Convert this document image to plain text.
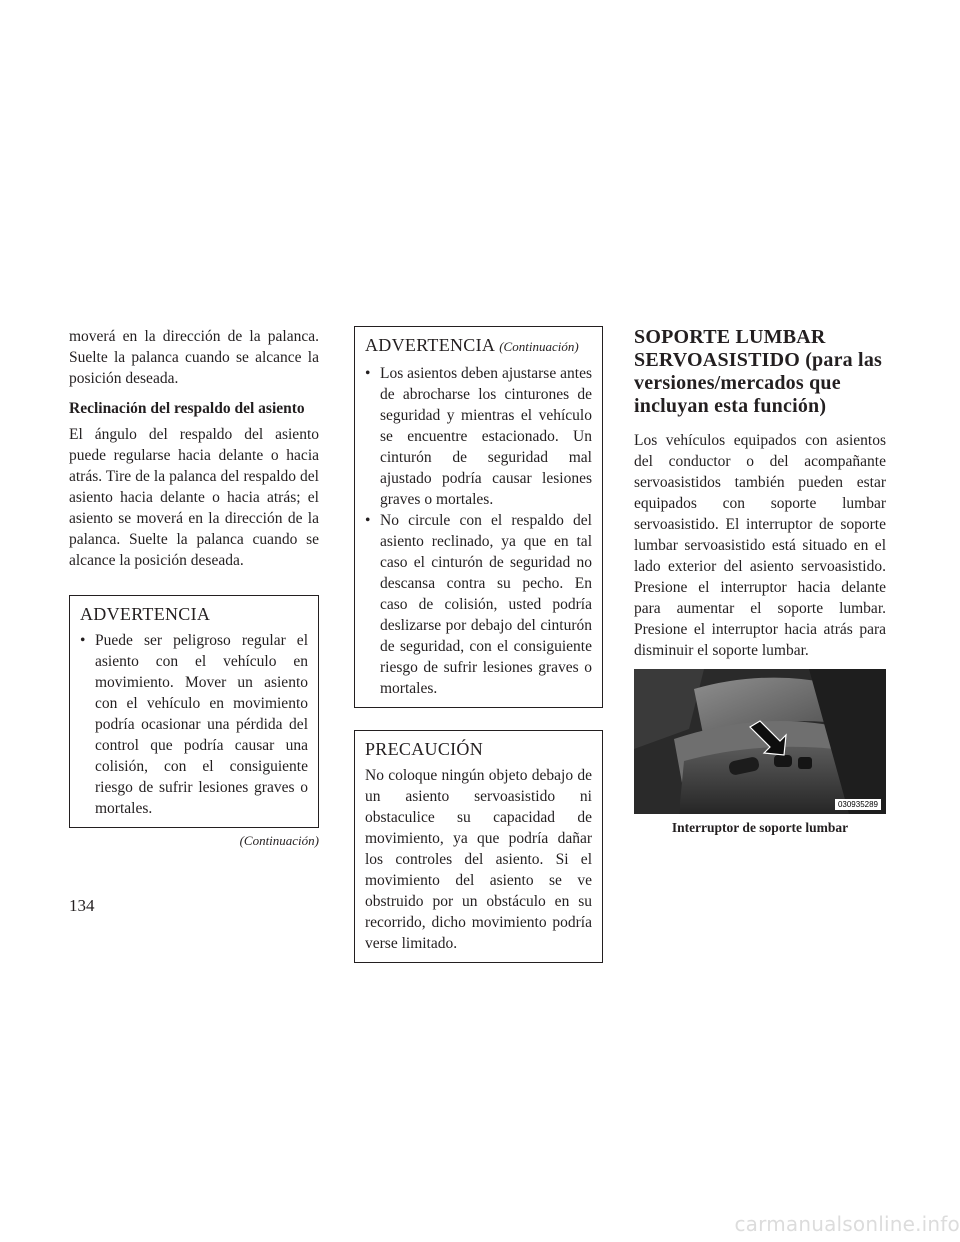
moverá en la dirección de la palanca. Suelte la palanca cuando se alcance la posición deseada.

Reclinación del respaldo del asiento

El ángulo del respaldo del asiento puede regularse hacia delante o hacia atrás. Tire de la palanca del respaldo del asiento hacia delante o hacia atrás; el asiento se moverá en la dirección de la palanca. Suelte la palanca cuando se alcance la posición deseada.

ADVERTENCIA
• Puede ser peligroso regular el asiento con el vehículo en movimiento. Mover un asiento con el vehículo en movimiento podría ocasionar una pérdida del control que podría causar una colisión, con el consiguiente riesgo de sufrir lesiones graves o mortales.
(Continuación)
ADVERTENCIA (Continuación)
• Los asientos deben ajustarse antes de abrocharse los cinturones de seguridad y mientras el vehículo se encuentre estacionado. Un cinturón de seguridad mal ajustado podría causar lesiones graves o mortales.
• No circule con el respaldo del asiento reclinado, ya que en tal caso el cinturón de seguridad no descansa contra su pecho. En caso de colisión, usted podría deslizarse por debajo del cinturón de seguridad, con el consiguiente riesgo de sufrir lesiones graves o mortales.
PRECAUCIÓN

No coloque ningún objeto debajo de un asiento servoasistido ni obstaculice su capacidad de movimiento, ya que podría dañar los controles del asiento. Si el movimiento del asiento se ve obstruido por un obstáculo en su recorrido, dicho movimiento podría verse limitado.

SOPORTE LUMBAR SERVOASISTIDO (para las versiones/mercados que incluyan esta función)

Los vehículos equipados con asientos del conductor o del acompañante servoasistidos también pueden estar equipados con soporte lumbar servoasistido. El interruptor de soporte lumbar servoasistido está situado en el lado exterior del asiento servoasistido. Presione el interruptor hacia delante para aumentar el soporte lumbar. Presione el interruptor hacia atrás para disminuir el soporte lumbar.

030935289
Interruptor de soporte lumbar
134
carmanualsonline.info
